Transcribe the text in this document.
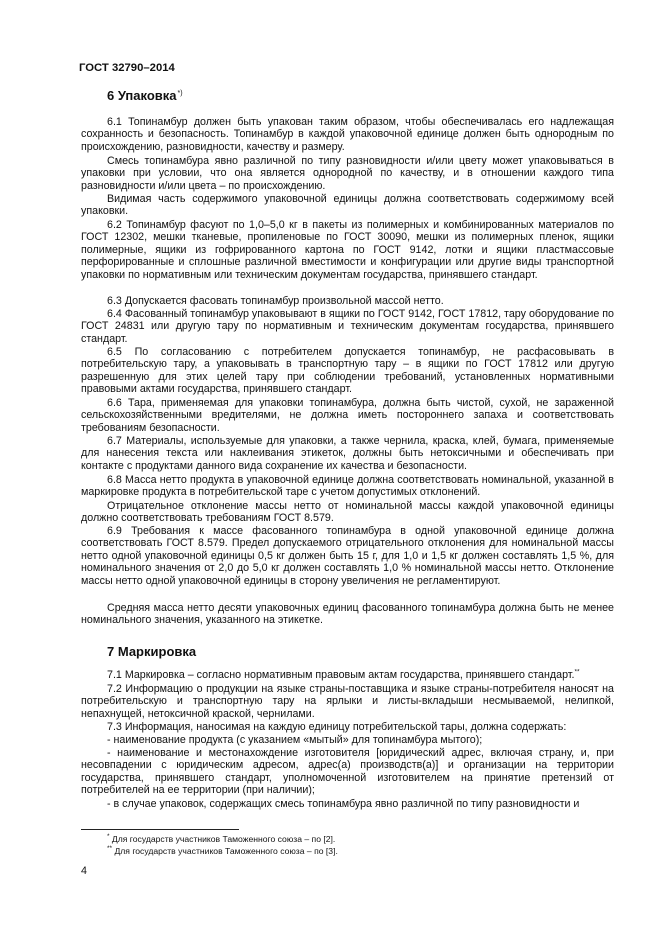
ГОСТ 32790–2014
6 Упаковка*)

6.1 Топинамбур должен быть упакован таким образом, чтобы обеспечивалась его надлежащая сохранность и безопасность. Топинамбур в каждой упаковочной единице должен быть однородным по происхождению, разновидности, качеству и размеру.

Смесь топинамбура явно различной по типу разновидности и/или цвету может упаковываться в упаковки при условии, что она является однородной по качеству, и в отношении каждого типа разновидности и/или цвета – по происхождению.

Видимая часть содержимого упаковочной единицы должна соответствовать содержимому всей упаковки.

6.2 Топинамбур фасуют по 1,0–5,0 кг в пакеты из полимерных и комбинированных материалов по ГОСТ 12302, мешки тканевые, пропиленовые по ГОСТ 30090, мешки из полимерных пленок, ящики полимерные, ящики из гофрированного картона по ГОСТ 9142, лотки и ящики пластмассовые перфорированные и сплошные различной вместимости и конфигурации или другие виды транспортной упаковки по нормативным или техническим документам государства, принявшего стандарт.

6.3 Допускается фасовать топинамбур произвольной массой нетто.

6.4 Фасованный топинамбур упаковывают в ящики по ГОСТ 9142, ГОСТ 17812, тару оборудование по ГОСТ 24831 или другую тару по нормативным и техническим документам государства, принявшего стандарт.

6.5 По согласованию с потребителем допускается топинамбур, не расфасовывать в потребительскую тару, а упаковывать в транспортную тару – в ящики по ГОСТ 17812 или другую разрешенную для этих целей тару при соблюдении требований, установленных нормативными правовыми актами государства, принявшего стандарт.

6.6 Тара, применяемая для упаковки топинамбура, должна быть чистой, сухой, не зараженной сельскохозяйственными вредителями, не должна иметь постороннего запаха и соответствовать требованиям безопасности.

6.7 Материалы, используемые для упаковки, а также чернила, краска, клей, бумага, применяемые для нанесения текста или наклеивания этикеток, должны быть нетоксичными и обеспечивать при контакте с продуктами данного вида сохранение их качества и безопасности.

6.8 Масса нетто продукта в упаковочной единице должна соответствовать номинальной, указанной в маркировке продукта в потребительской таре с учетом допустимых отклонений.

Отрицательное отклонение массы нетто от номинальной массы каждой упаковочной единицы должно соответствовать требованиям ГОСТ 8.579.

6.9 Требования к массе фасованного топинамбура в одной упаковочной единице должна соответствовать ГОСТ 8.579. Предел допускаемого отрицательного отклонения для номинальной массы нетто одной упаковочной единицы 0,5 кг должен быть 15 г, для 1,0 и 1,5 кг должен составлять 1,5 %, для номинального значения от 2,0 до 5,0 кг должен составлять 1,0 % номинальной массы нетто. Отклонение массы нетто одной упаковочной единицы в сторону увеличения не регламентируют.

Средняя масса нетто десяти упаковочных единиц фасованного топинамбура должна быть не менее номинального значения, указанного на этикетке.

7 Маркировка

7.1 Маркировка – согласно нормативным правовым актам государства, принявшего стандарт.**

7.2 Информацию о продукции на языке страны-поставщика и языке страны-потребителя наносят на потребительскую и транспортную тару на ярлыки и листы-вкладыши несмываемой, нелипкой, непахнущей, нетоксичной краской, чернилами.

7.3 Информация, наносимая на каждую единицу потребительской тары, должна содержать:

- наименование продукта (с указанием «мытый» для топинамбура мытого);

- наименование и местонахождение изготовителя [юридический адрес, включая страну, и, при несовпадении с юридическим адресом, адрес(а) производств(а)] и организации на территории государства, принявшего стандарт, уполномоченной изготовителем на принятие претензий от потребителей на ее территории (при наличии);

- в случае упаковок, содержащих смесь топинамбура явно различной по типу разновидности и

* Для государств участников Таможенного союза – по [2].

** Для государств участников Таможенного союза – по [3].

4
